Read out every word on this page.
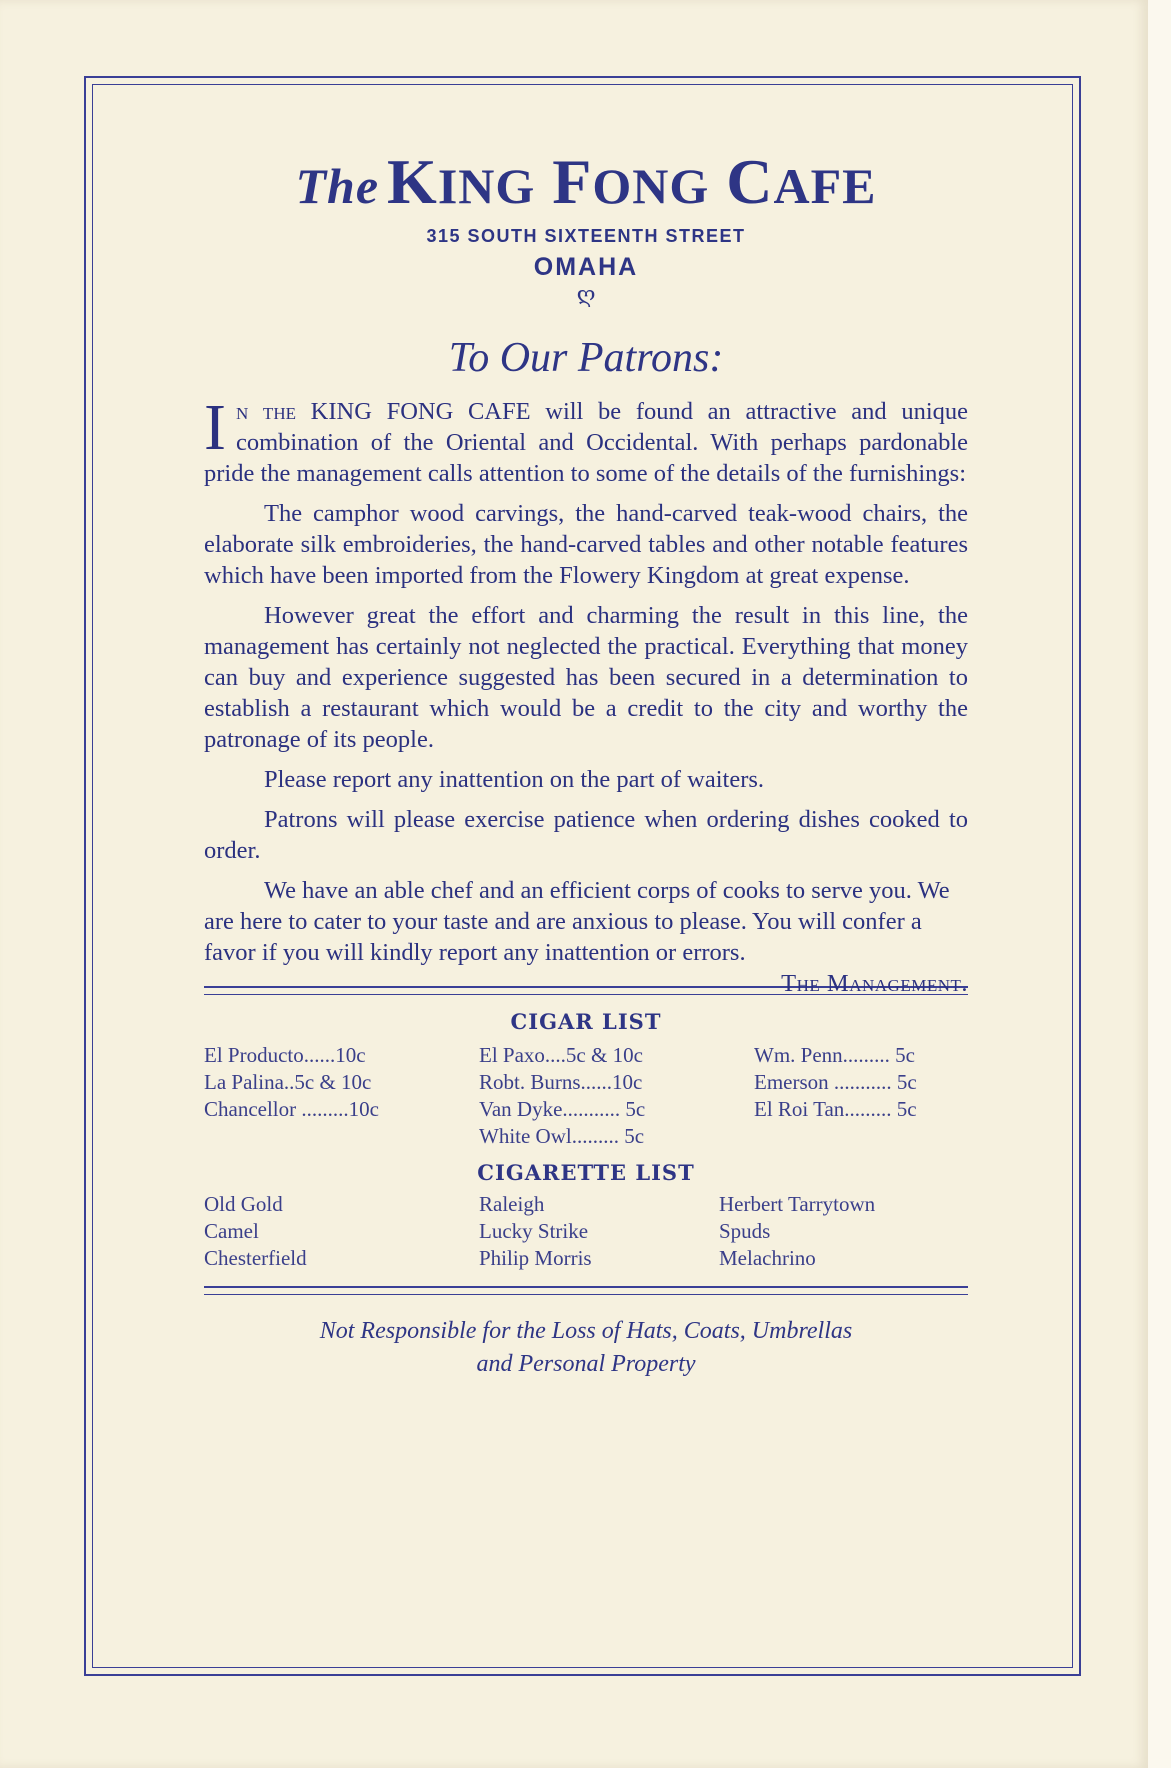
The KING FONG CAFE
315 SOUTH SIXTEENTH STREET
OMAHA
ღ
To Our Patrons:

In the KING FONG CAFE will be found an attractive and unique combination of the Oriental and Occidental. With perhaps pardonable pride the management calls attention to some of the details of the furnishings:

The camphor wood carvings, the hand-carved teak-wood chairs, the elaborate silk embroideries, the hand-carved tables and other notable features which have been imported from the Flowery Kingdom at great expense.

However great the effort and charming the result in this line, the management has certainly not neglected the practical. Everything that money can buy and experience suggested has been secured in a determination to establish a restaurant which would be a credit to the city and worthy the patronage of its people.

Please report any inattention on the part of waiters.

Patrons will please exercise patience when ordering dishes cooked to order.

We have an able chef and an efficient corps of cooks to serve you. We are here to cater to your taste and are anxious to please. You will confer a favor if you will kindly report any inattention or errors.
The Management.

CIGAR LIST
El Producto......10c
La Palina..5c & 10c
Chancellor .........10c
El Paxo....5c & 10c
Robt. Burns......10c
Van Dyke........... 5c
White Owl......... 5c
Wm. Penn......... 5c
Emerson ........... 5c
El Roi Tan......... 5c
CIGARETTE LIST
Old Gold
Camel
Chesterfield
Raleigh
Lucky Strike
Philip Morris
Herbert Tarrytown
Spuds
Melachrino
Not Responsible for the Loss of Hats, Coats, Umbrellas
and Personal Property
